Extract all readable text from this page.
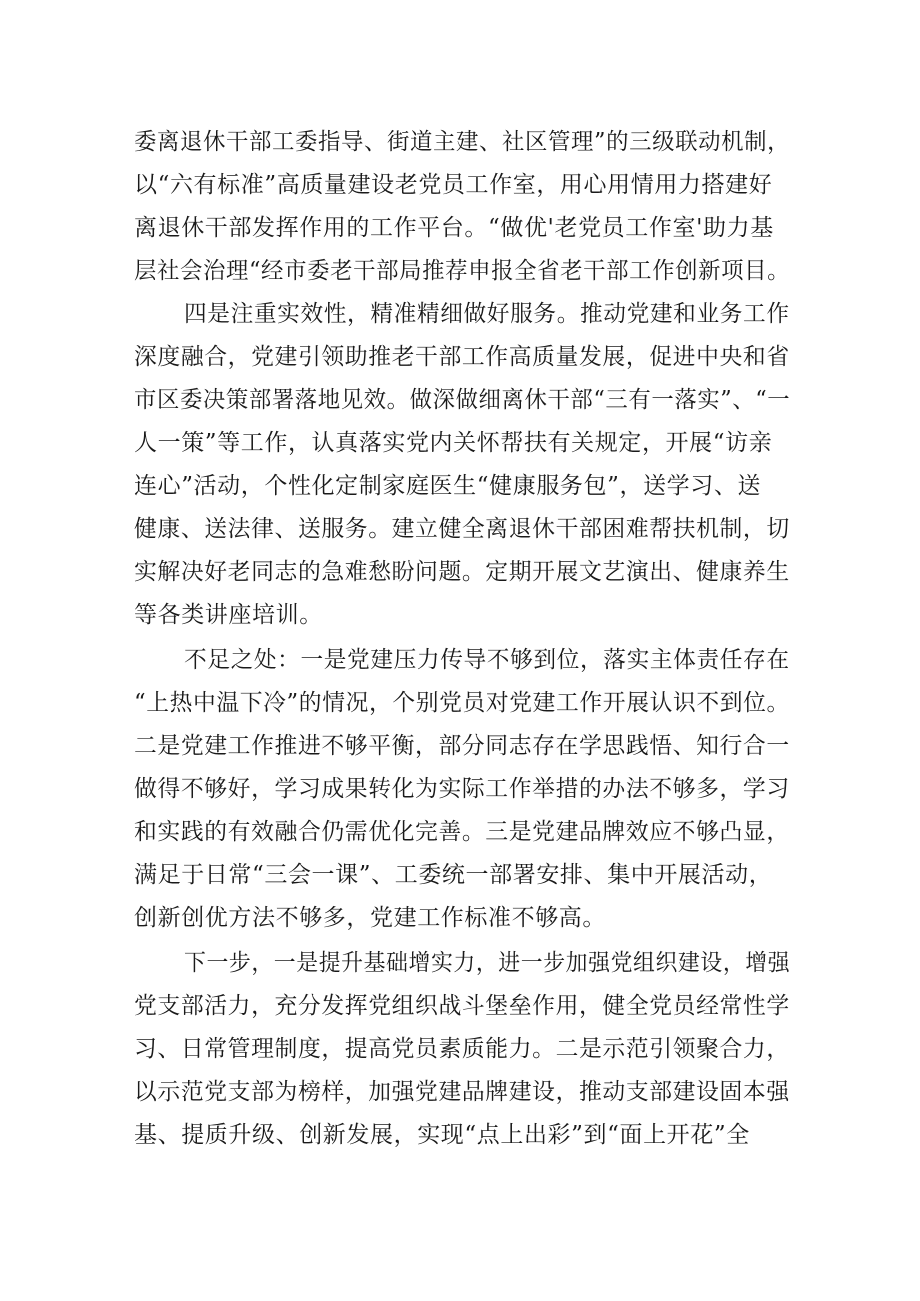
委离退休干部工委指导、街道主建、社区管理”的三级联动机制，
以“六有标准”高质量建设老党员工作室，用心用情用力搭建好
离退休干部发挥作用的工作平台。“做优'老党员工作室'助力基
层社会治理“经市委老干部局推荐申报全省老干部工作创新项目。
四是注重实效性，精准精细做好服务。推动党建和业务工作
深度融合，党建引领助推老干部工作高质量发展，促进中央和省
市区委决策部署落地见效。做深做细离休干部“三有一落实”、“一
人一策”等工作，认真落实党内关怀帮扶有关规定，开展“访亲
连心”活动，个性化定制家庭医生“健康服务包”，送学习、送
健康、送法律、送服务。建立健全离退休干部困难帮扶机制，切
实解决好老同志的急难愁盼问题。定期开展文艺演出、健康养生
等各类讲座培训。
不足之处：一是党建压力传导不够到位，落实主体责任存在
“上热中温下冷”的情况，个别党员对党建工作开展认识不到位。
二是党建工作推进不够平衡，部分同志存在学思践悟、知行合一
做得不够好，学习成果转化为实际工作举措的办法不够多，学习
和实践的有效融合仍需优化完善。三是党建品牌效应不够凸显，
满足于日常“三会一课”、工委统一部署安排、集中开展活动，
创新创优方法不够多，党建工作标准不够高。
下一步，一是提升基础增实力，进一步加强党组织建设，增强
党支部活力，充分发挥党组织战斗堡垒作用，健全党员经常性学
习、日常管理制度，提高党员素质能力。二是示范引领聚合力，
以示范党支部为榜样，加强党建品牌建设，推动支部建设固本强
基、提质升级、创新发展，实现“点上出彩”到“面上开花”全
